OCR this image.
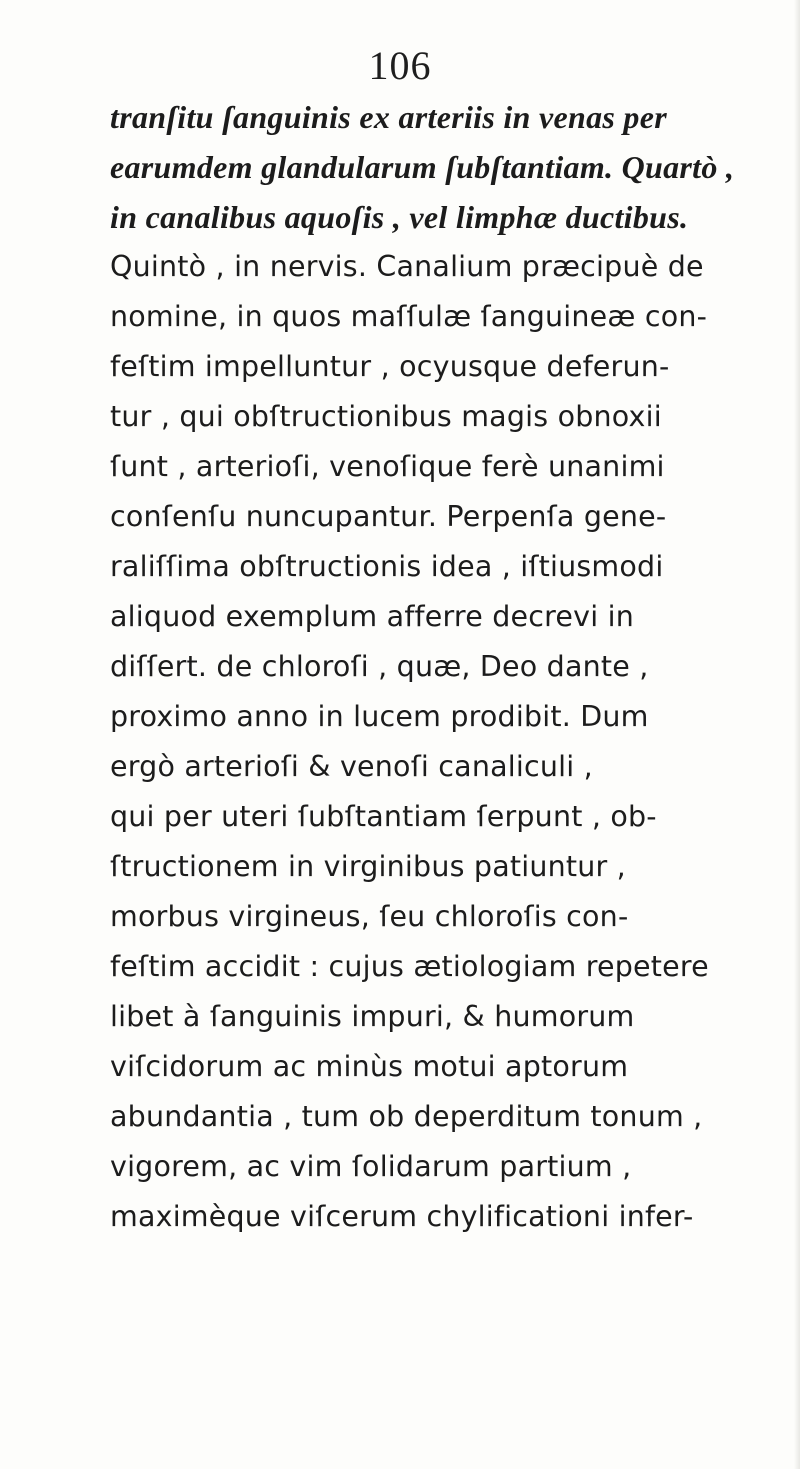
106
tranſitu ſanguinis ex arteriis in venas per
earumdem glandularum ſubſtantiam. Quartò ,
in canalibus aquoſis , vel limphæ ductibus.
Quintò , in nervis. Canalium præcipuè de
nomine, in quos maſſulæ ſanguineæ con-
feſtim impelluntur , ocyusque deferun-
tur , qui obſtructionibus magis obnoxii
ſunt , arterioſi, venoſique ferè unanimi
conſenſu nuncupantur. Perpenſa gene-
raliſſima obſtructionis idea , iſtiusmodi
aliquod exemplum afferre decrevi in
diſſert. de chloroſi , quæ, Deo dante ,
proximo anno in lucem prodibit. Dum
ergò arterioſi & venoſi canaliculi ,
qui per uteri ſubſtantiam ſerpunt , ob-
ſtructionem in virginibus patiuntur ,
morbus virgineus, ſeu chloroſis con-
feſtim accidit : cujus ætiologiam repetere
libet à ſanguinis impuri, & humorum
viſcidorum ac minùs motui aptorum
abundantia , tum ob deperditum tonum ,
vigorem, ac vim ſolidarum partium ,
maximèque viſcerum chylificationi infer-
